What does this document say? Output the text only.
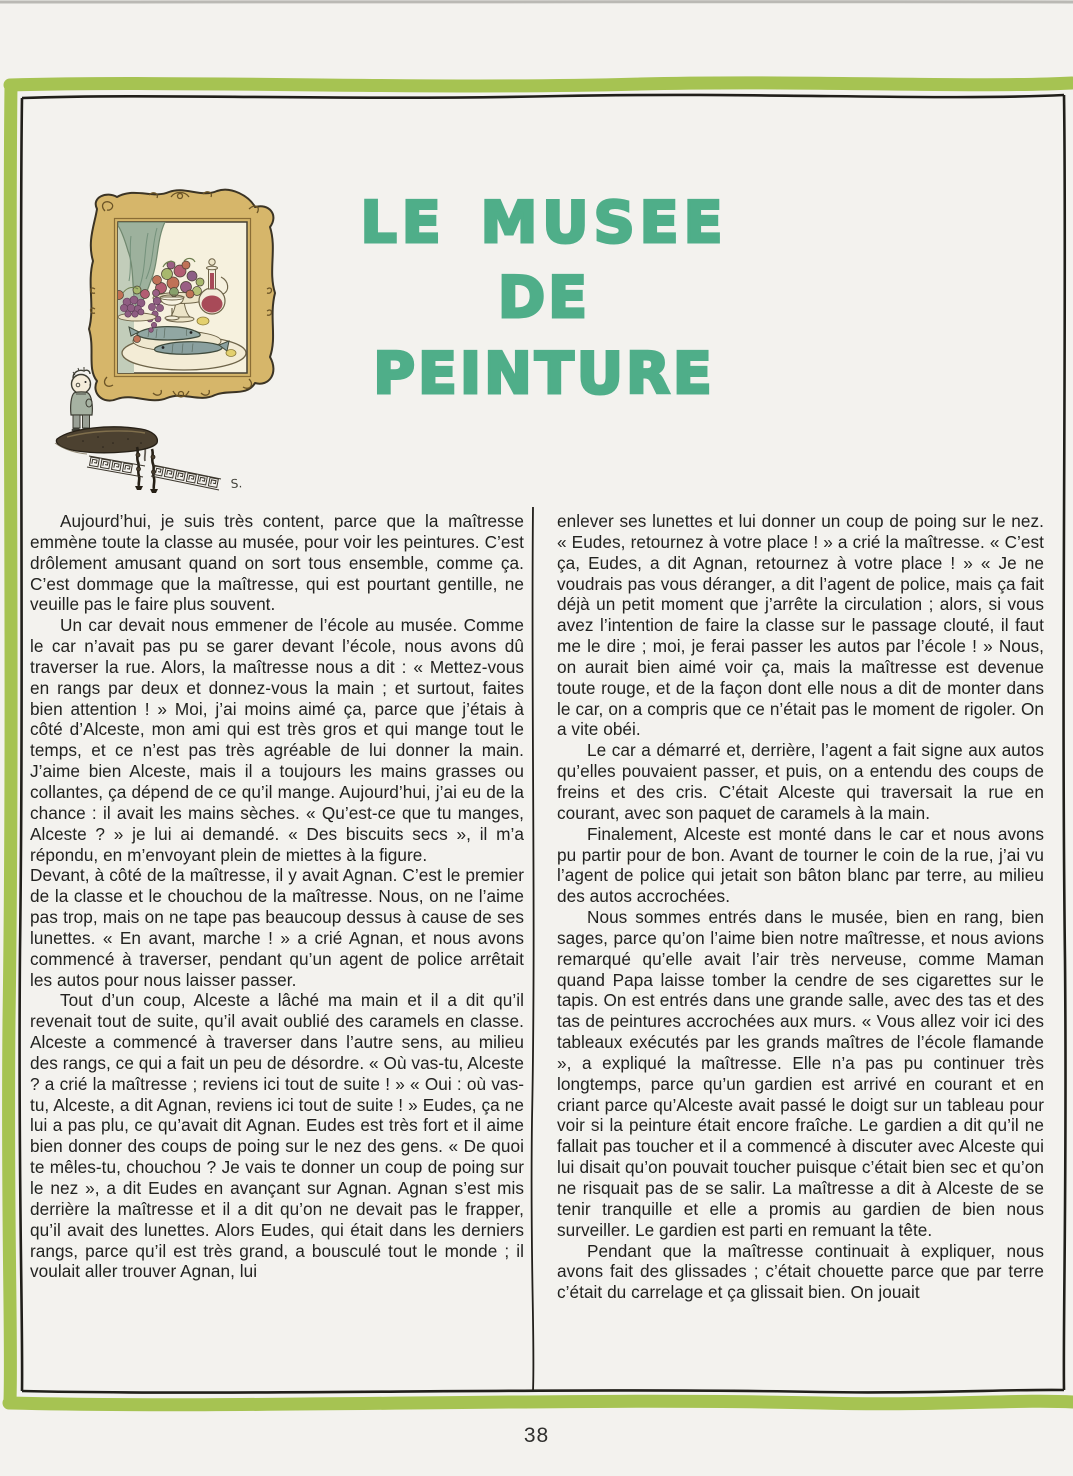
S.
LE MUSEE
DE PEINTURE

Aujourd’hui, je suis très content, parce que la maîtresse emmène toute la classe au musée, pour voir les peintures. C’est drôlement amusant quand on sort tous ensemble, comme ça. C’est dommage que la maîtresse, qui est pourtant gentille, ne veuille pas le faire plus souvent.

Un car devait nous emmener de l’école au musée. Comme le car n’avait pas pu se garer devant l’école, nous avons dû traverser la rue. Alors, la maîtresse nous a dit : « Mettez-vous en rangs par deux et donnez-vous la main ; et surtout, faites bien attention ! » Moi, j’ai moins aimé ça, parce que j’étais à côté d’Alceste, mon ami qui est très gros et qui mange tout le temps, et ce n’est pas très agréable de lui donner la main. J’aime bien Alceste, mais il a toujours les mains grasses ou collantes, ça dépend de ce qu’il mange. Aujourd’hui, j’ai eu de la chance : il avait les mains sèches. « Qu’est-ce que tu manges, Alceste ? » je lui ai demandé. « Des biscuits secs », il m’a répondu, en m’envoyant plein de miettes à la figure.

Devant, à côté de la maîtresse, il y avait Agnan. C’est le premier de la classe et le chouchou de la maîtresse. Nous, on ne l’aime pas trop, mais on ne tape pas beaucoup dessus à cause de ses lunettes. « En avant, marche ! » a crié Agnan, et nous avons commencé à traverser, pendant qu’un agent de police arrêtait les autos pour nous laisser passer.

Tout d’un coup, Alceste a lâché ma main et il a dit qu’il revenait tout de suite, qu’il avait oublié des caramels en classe. Alceste a commencé à traverser dans l’autre sens, au milieu des rangs, ce qui a fait un peu de désordre. « Où vas-tu, Alceste ? a crié la maîtresse ; reviens ici tout de suite ! » « Oui : où vas-tu, Alceste, a dit Agnan, reviens ici tout de suite ! » Eudes, ça ne lui a pas plu, ce qu’avait dit Agnan. Eudes est très fort et il aime bien donner des coups de poing sur le nez des gens. « De quoi te mêles-tu, chouchou ? Je vais te donner un coup de poing sur le nez », a dit Eudes en avançant sur Agnan. Agnan s’est mis derrière la maîtresse et il a dit qu’on ne devait pas le frapper, qu’il avait des lunettes. Alors Eudes, qui était dans les derniers rangs, parce qu’il est très grand, a bousculé tout le monde ; il voulait aller trouver Agnan, lui

enlever ses lunettes et lui donner un coup de poing sur le nez. « Eudes, retournez à votre place ! » a crié la maîtresse. « C’est ça, Eudes, a dit Agnan, retournez à votre place ! » « Je ne voudrais pas vous déranger, a dit l’agent de police, mais ça fait déjà un petit moment que j’arrête la circulation ; alors, si vous avez l’intention de faire la classe sur le passage clouté, il faut me le dire ; moi, je ferai passer les autos par l’école ! » Nous, on aurait bien aimé voir ça, mais la maîtresse est devenue toute rouge, et de la façon dont elle nous a dit de monter dans le car, on a compris que ce n’était pas le moment de rigoler. On a vite obéi.

Le car a démarré et, derrière, l’agent a fait signe aux autos qu’elles pouvaient passer, et puis, on a entendu des coups de freins et des cris. C’était Alceste qui traversait la rue en courant, avec son paquet de caramels à la main.

Finalement, Alceste est monté dans le car et nous avons pu partir pour de bon. Avant de tourner le coin de la rue, j’ai vu l’agent de police qui jetait son bâton blanc par terre, au milieu des autos accrochées.

Nous sommes entrés dans le musée, bien en rang, bien sages, parce qu’on l’aime bien notre maîtresse, et nous avions remarqué qu’elle avait l’air très nerveuse, comme Maman quand Papa laisse tomber la cendre de ses cigarettes sur le tapis. On est entrés dans une grande salle, avec des tas et des tas de peintures accrochées aux murs. « Vous allez voir ici des tableaux exécutés par les grands maîtres de l’école flamande », a expliqué la maîtresse. Elle n’a pas pu continuer très longtemps, parce qu’un gardien est arrivé en courant et en criant parce qu’Alceste avait passé le doigt sur un tableau pour voir si la peinture était encore fraîche. Le gardien a dit qu’il ne fallait pas toucher et il a commencé à discuter avec Alceste qui lui disait qu’on pouvait toucher puisque c’était bien sec et qu’on ne risquait pas de se salir. La maîtresse a dit à Alceste de se tenir tranquille et elle a promis au gardien de bien nous surveiller. Le gardien est parti en remuant la tête.

Pendant que la maîtresse continuait à expliquer, nous avons fait des glissades ; c’était chouette parce que par terre c’était du carrelage et ça glissait bien. On jouait

38
